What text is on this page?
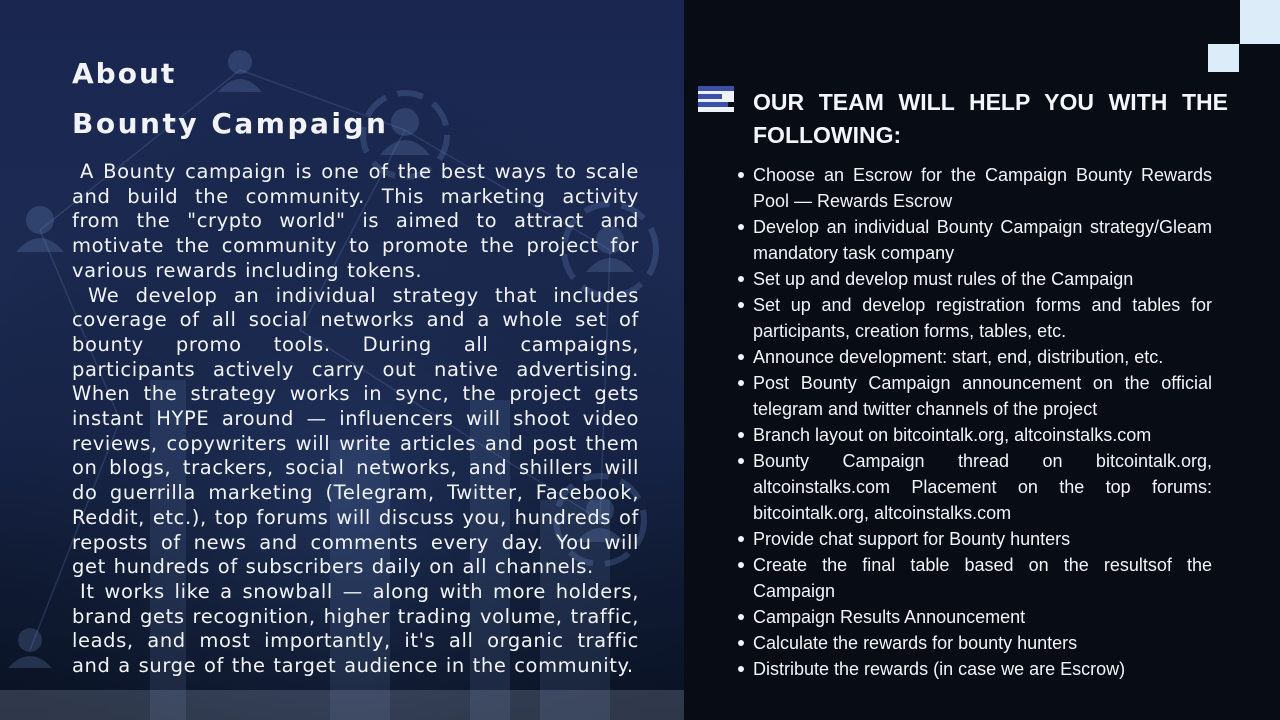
About
Bounty Campaign

A Bounty campaign is one of the best ways to scale and build the community. This marketing activity from the "crypto world" is aimed to attract and motivate the community to promote the project for various rewards including tokens.

We develop an individual strategy that includes coverage of all social networks and a whole set of bounty promo tools. During all campaigns, participants actively carry out native advertising. When the strategy works in sync, the project gets instant HYPE around — influencers will shoot video reviews, copywriters will write articles and post them on blogs, trackers, social networks, and shillers will do guerrilla marketing (Telegram, Twitter, Facebook, Reddit, etc.), top forums will discuss you, hundreds of reposts of news and comments every day. You will get hundreds of subscribers daily on all channels.

It works like a snowball — along with more holders, brand gets recognition, higher trading volume, traffic, leads, and most importantly, it's all organic traffic and a surge of the target audience in the community.

OUR TEAM WILL HELP YOU WITH THE FOLLOWING:
Choose an Escrow for the Campaign Bounty Rewards Pool — Rewards Escrow
Develop an individual Bounty Campaign strategy/Gleam mandatory task company
Set up and develop must rules of the Campaign
Set up and develop registration forms and tables for participants, creation forms, tables, etc.
Announce development: start, end, distribution, etc.
Post Bounty Campaign announcement on the official telegram and twitter channels of the project
Branch layout on bitcointalk.org, altcoinstalks.com
Bounty Campaign thread on bitcointalk.org, altcoinstalks.com Placement on the top forums: bitcointalk.org, altcoinstalks.com
Provide chat support for Bounty hunters
Create the final table based on the resultsof the Campaign
Campaign Results Announcement
Calculate the rewards for bounty hunters
Distribute the rewards (in case we are Escrow)
